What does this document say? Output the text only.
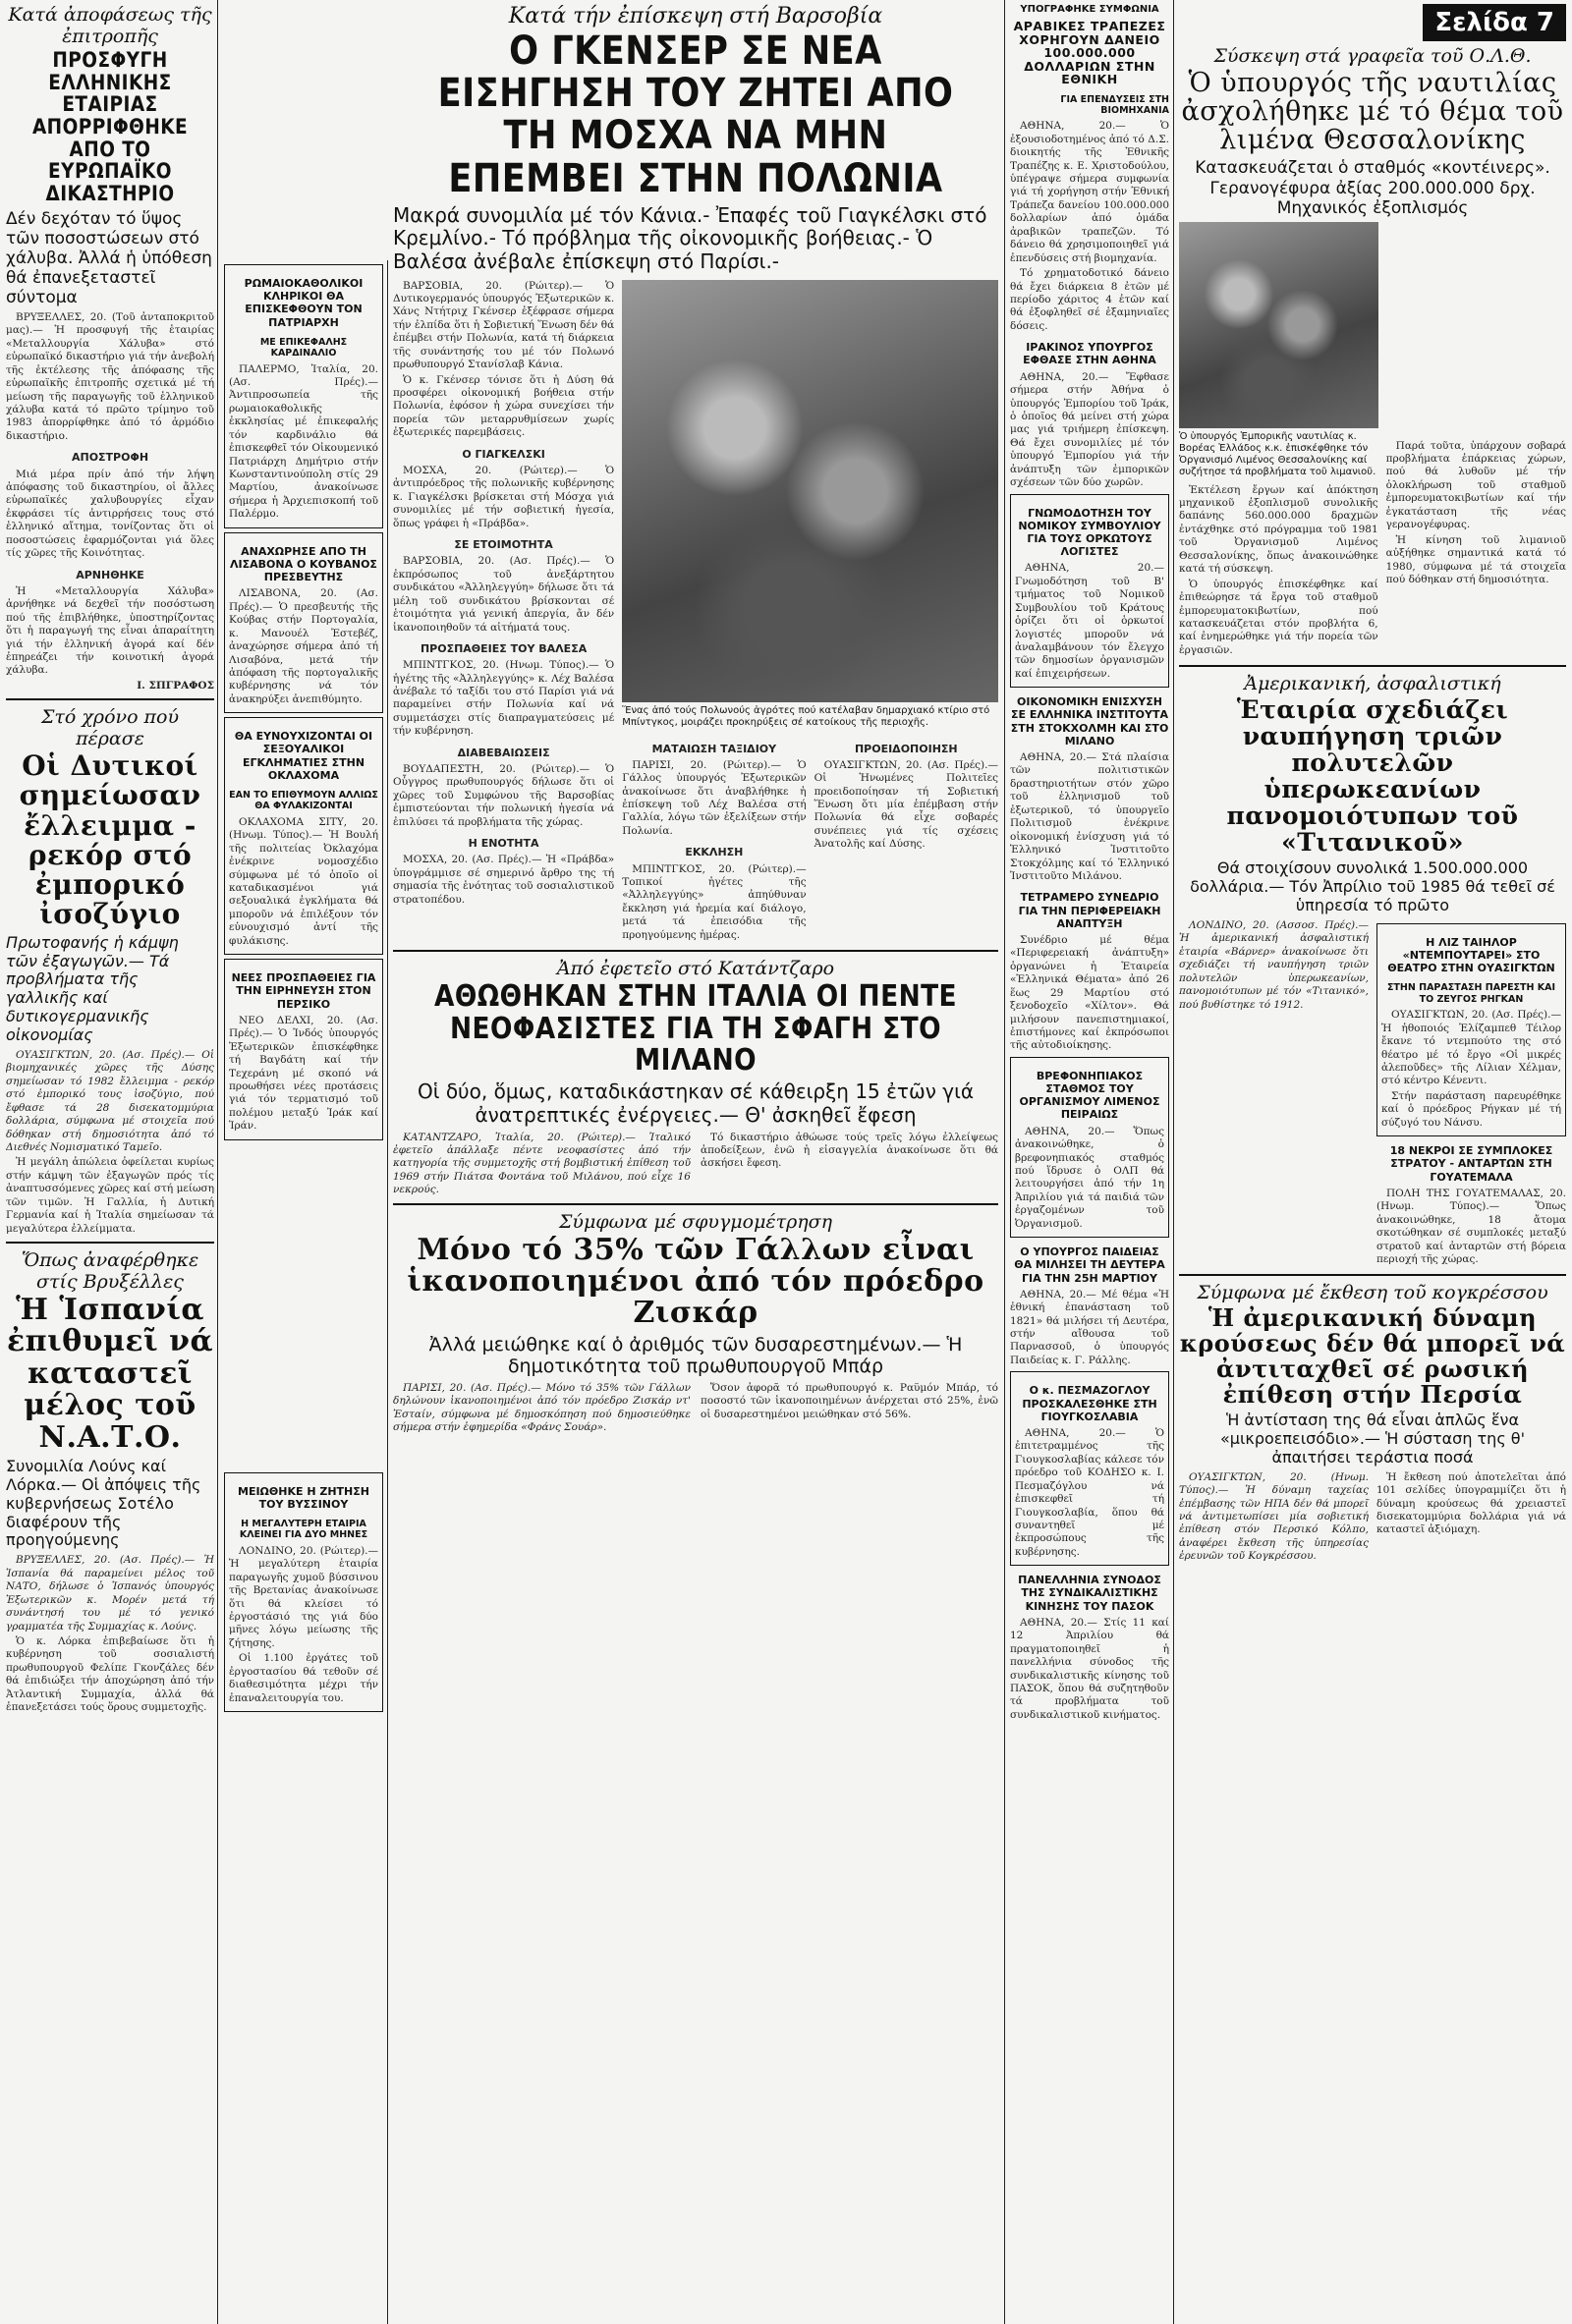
Κατά ἀποφάσεως τῆς ἐπιτροπῆς
ΠΡΟΣΦΥΓΗ ΕΛΛΗΝΙΚΗΣ ΕΤΑΙΡΙΑΣ ΑΠΟΡΡΙΦΘΗΚΕ ΑΠΟ ΤΟ ΕΥΡΩΠΑΪΚΟ ΔΙΚΑΣΤΗΡΙΟ
Δέν δεχόταν τό ὕψος τῶν ποσοστώσεων στό χάλυβα. Ἀλλά ἡ ὑπόθεση θά ἐπανεξεταστεῖ σύντομα

ΒΡΥΞΕΛΛΕΣ, 20. (Τοῦ ἀνταποκριτοῦ μας).— Ἡ προσφυγή τῆς ἑταιρίας «Μεταλλουργία Χάλυβα» στό εὐρωπαϊκό δικαστήριο γιά τήν ἀνεβολή τῆς ἐκτέλεσης τῆς ἀπόφασης τῆς εὐρωπαϊκῆς ἐπιτροπῆς σχετικά μέ τή μείωση τῆς παραγωγῆς τοῦ ἑλληνικοῦ χάλυβα κατά τό πρῶτο τρίμηνο τοῦ 1983 ἀπορρίφθηκε ἀπό τό ἀρμόδιο δικαστήριο.

ΑΠΟΣΤΡΟΦΗ

Μιά μέρα πρίν ἀπό τήν λήψη ἀπόφασης τοῦ δικαστηρίου, οἱ ἄλλες εὐρωπαϊκές χαλυβουργίες εἶχαν ἐκφράσει τίς ἀντιρρήσεις τους στό ἑλληνικό αἴτημα, τονίζοντας ὅτι οἱ ποσοστώσεις ἐφαρμόζονται γιά ὅλες τίς χῶρες τῆς Κοινότητας.

ΑΡΝΗΘΗΚΕ

Ἡ «Μεταλλουργία Χάλυβα» ἀρνήθηκε νά δεχθεῖ τήν ποσόστωση πού τῆς ἐπιβλήθηκε, ὑποστηρίζοντας ὅτι ἡ παραγωγή της εἶναι ἀπαραίτητη γιά τήν ἑλληνική ἀγορά καί δέν ἐπηρεάζει τήν κοινοτική ἀγορά χάλυβα.

Ι. ΣΠΓΡΑΦΟΣ
Στό χρόνο πού πέρασε
Οἱ Δυτικοί σημείωσαν ἔλλειμμα - ρεκόρ στό ἐμπορικό ἰσοζύγιο
Πρωτοφανής ἡ κάμψη τῶν ἐξαγωγῶν.— Τά προβλήματα τῆς γαλλικῆς καί δυτικογερμανικῆς οἰκονομίας

ΟΥΑΣΙΓΚΤΩΝ, 20. (Ασ. Πρές).— Οἱ βιομηχανικές χῶρες τῆς Δύσης σημείωσαν τό 1982 ἔλλειμμα - ρεκόρ στό ἐμπορικό τους ἰσοζύγιο, πού ἔφθασε τά 28 δισεκατομμύρια δολλάρια, σύμφωνα μέ στοιχεῖα πού δόθηκαν στή δημοσιότητα ἀπό τό Διεθνές Νομισματικό Ταμεῖο.

Ἡ μεγάλη ἀπώλεια ὀφείλεται κυρίως στήν κάμψη τῶν ἐξαγωγῶν πρός τίς ἀναπτυσσόμενες χῶρες καί στή μείωση τῶν τιμῶν. Ἡ Γαλλία, ἡ Δυτική Γερμανία καί ἡ Ἰταλία σημείωσαν τά μεγαλύτερα ἐλλείμματα.

Ὅπως ἀναφέρθηκε στίς Βρυξέλλες
Ἡ Ἱσπανία ἐπιθυμεῖ νά καταστεῖ μέλος τοῦ Ν.Α.Τ.Ο.
Συνομιλία Λούνς καί Λόρκα.— Οἱ ἀπόψεις τῆς κυβερνήσεως Σοτέλο διαφέρουν τῆς προηγούμενης

ΒΡΥΞΕΛΛΕΣ, 20. (Ασ. Πρές).— Ἡ Ἱσπανία θά παραμείνει μέλος τοῦ ΝΑΤΟ, δήλωσε ὁ Ἱσπανός ὑπουργός Ἐξωτερικῶν κ. Μορέν μετά τή συνάντησή του μέ τό γενικό γραμματέα τῆς Συμμαχίας κ. Λούνς.

Ὁ κ. Λόρκα ἐπιβεβαίωσε ὅτι ἡ κυβέρνηση τοῦ σοσιαλιστή πρωθυπουργοῦ Φελίπε Γκονζάλες δέν θά ἐπιδιώξει τήν ἀποχώρηση ἀπό τήν Ἀτλαντική Συμμαχία, ἀλλά θά ἐπανεξετάσει τούς ὅρους συμμετοχῆς.

ΡΩΜΑΙΟΚΑΘΟΛΙΚΟΙ ΚΛΗΡΙΚΟΙ ΘΑ ΕΠΙΣΚΕΦΘΟΥΝ ΤΟΝ ΠΑΤΡΙΑΡΧΗ
ΜΕ ΕΠΙΚΕΦΑΛΗΣ ΚΑΡΔΙΝΑΛΙΟ

ΠΑΛΕΡΜΟ, Ἰταλία, 20. (Ασ. Πρές).— Ἀντιπροσωπεία τῆς ρωμαιοκαθολικῆς ἐκκλησίας μέ ἐπικεφαλής τόν καρδινάλιο θά ἐπισκεφθεῖ τόν Οἰκουμενικό Πατριάρχη Δημήτριο στήν Κωνσταντινούπολη στίς 29 Μαρτίου, ἀνακοίνωσε σήμερα ἡ Ἀρχιεπισκοπή τοῦ Παλέρμο.

ΑΝΑΧΩΡΗΣΕ ΑΠΟ ΤΗ ΛΙΣΑΒΟΝΑ Ο ΚΟΥΒΑΝΟΣ ΠΡΕΣΒΕΥΤΗΣ

ΛΙΣΑΒΟΝΑ, 20. (Ασ. Πρές).— Ὁ πρεσβευτής τῆς Κούβας στήν Πορτογαλία, κ. Μανουέλ Ἐστεβέζ, ἀναχώρησε σήμερα ἀπό τή Λισαβόνα, μετά τήν ἀπόφαση τῆς πορτογαλικῆς κυβέρνησης νά τόν ἀνακηρύξει ἀνεπιθύμητο.

ΘΑ ΕΥΝΟΥΧΙΖΟΝΤΑΙ ΟΙ ΣΕΞΟΥΑΛΙΚΟΙ ΕΓΚΛΗΜΑΤΙΕΣ ΣΤΗΝ ΟΚΛΑΧΟΜΑ
ΕΑΝ ΤΟ ΕΠΙΘΥΜΟΥΝ ΑΛΛΙΩΣ ΘΑ ΦΥΛΑΚΙΖΟΝΤΑΙ

ΟΚΛΑΧΟΜΑ ΣΙΤΥ, 20. (Ηνωμ. Τύπος).— Ἡ Βουλή τῆς πολιτείας Ὀκλαχόμα ἐνέκρινε νομοσχέδιο σύμφωνα μέ τό ὁποῖο οἱ καταδικασμένοι γιά σεξουαλικά ἐγκλήματα θά μποροῦν νά ἐπιλέξουν τόν εὐνουχισμό ἀντί τῆς φυλάκισης.

ΝΕΕΣ ΠΡΟΣΠΑΘΕΙΕΣ ΓΙΑ ΤΗΝ ΕΙΡΗΝΕΥΣΗ ΣΤΟΝ ΠΕΡΣΙΚΟ

ΝΕΟ ΔΕΛΧΙ, 20. (Ασ. Πρές).— Ὁ Ἰνδός ὑπουργός Ἐξωτερικῶν ἐπισκέφθηκε τή Βαγδάτη καί τήν Τεχεράνη μέ σκοπό νά προωθήσει νέες προτάσεις γιά τόν τερματισμό τοῦ πολέμου μεταξύ Ἰράκ καί Ἰράν.

ΜΕΙΩΘΗΚΕ Η ΖΗΤΗΣΗ ΤΟΥ ΒΥΣΣΙΝΟΥ
Η ΜΕΓΑΛΥΤΕΡΗ ΕΤΑΙΡΙΑ ΚΛΕΙΝΕΙ ΓΙΑ ΔΥΟ ΜΗΝΕΣ

ΛΟΝΔΙΝΟ, 20. (Ρώιτερ).— Ἡ μεγαλύτερη ἑταιρία παραγωγῆς χυμοῦ βύσσινου τῆς Βρετανίας ἀνακοίνωσε ὅτι θά κλείσει τό ἐργοστάσιό της γιά δύο μῆνες λόγω μείωσης τῆς ζήτησης.

Οἱ 1.100 ἐργάτες τοῦ ἐργοστασίου θά τεθοῦν σέ διαθεσιμότητα μέχρι τήν ἐπαναλειτουργία του.

Κατά τήν ἐπίσκεψη στή Βαρσοβία
Ο ΓΚΕΝΣΕΡ ΣΕ ΝΕΑ ΕΙΣΗΓΗΣΗ ΤΟΥ ΖΗΤΕΙ ΑΠΟ ΤΗ ΜΟΣΧΑ ΝΑ ΜΗΝ ΕΠΕΜΒΕΙ ΣΤΗΝ ΠΟΛΩΝΙΑ
Μακρά συνομιλία μέ τόν Κάνια.- Ἐπαφές τοῦ Γιαγκέλσκι στό Κρεμλίνο.- Τό πρόβλημα τῆς οἰκονομικῆς βοήθειας.- Ὁ Βαλέσα ἀνέβαλε ἐπίσκεψη στό Παρίσι.-

ΒΑΡΣΟΒΙΑ, 20. (Ρώιτερ).— Ὁ Δυτικογερμανός ὑπουργός Ἐξωτερικῶν κ. Χάνς Ντήτριχ Γκένσερ ἐξέφρασε σήμερα τήν ἐλπίδα ὅτι ἡ Σοβιετική Ἕνωση δέν θά ἐπέμβει στήν Πολωνία, κατά τή διάρκεια τῆς συνάντησής του μέ τόν Πολωνό πρωθυπουργό Στανίσλαβ Κάνια.

Ὁ κ. Γκένσερ τόνισε ὅτι ἡ Δύση θά προσφέρει οἰκονομική βοήθεια στήν Πολωνία, ἐφόσον ἡ χώρα συνεχίσει τήν πορεία τῶν μεταρρυθμίσεων χωρίς ἐξωτερικές παρεμβάσεις.

Ο ΓΙΑΓΚΕΛΣΚΙ

ΜΟΣΧΑ, 20. (Ρώιτερ).— Ὁ ἀντιπρόεδρος τῆς πολωνικῆς κυβέρνησης κ. Γιαγκέλσκι βρίσκεται στή Μόσχα γιά συνομιλίες μέ τήν σοβιετική ἡγεσία, ὅπως γράφει ἡ «Πράβδα».

ΣΕ ΕΤΟΙΜΟΤΗΤΑ

ΒΑΡΣΟΒΙΑ, 20. (Ασ. Πρές).— Ὁ ἐκπρόσωπος τοῦ ἀνεξάρτητου συνδικάτου «Ἀλληλεγγύη» δήλωσε ὅτι τά μέλη τοῦ συνδικάτου βρίσκονται σέ ἑτοιμότητα γιά γενική ἀπεργία, ἄν δέν ἱκανοποιηθοῦν τά αἰτήματά τους.

ΠΡΟΣΠΑΘΕΙΕΣ ΤΟΥ ΒΑΛΕΣΑ

ΜΠΙΝΤΓΚΟΣ, 20. (Ηνωμ. Τύπος).— Ὁ ἡγέτης τῆς «Ἀλληλεγγύης» κ. Λέχ Βαλέσα ἀνέβαλε τό ταξίδι του στό Παρίσι γιά νά παραμείνει στήν Πολωνία καί νά συμμετάσχει στίς διαπραγματεύσεις μέ τήν κυβέρνηση.

ΔΙΑΒΕΒΑΙΩΣΕΙΣ

ΒΟΥΔΑΠΕΣΤΗ, 20. (Ρώιτερ).— Ὁ Οὗγγρος πρωθυπουργός δήλωσε ὅτι οἱ χῶρες τοῦ Συμφώνου τῆς Βαρσοβίας ἐμπιστεύονται τήν πολωνική ἡγεσία νά ἐπιλύσει τά προβλήματα τῆς χώρας.

Η ΕΝΟΤΗΤΑ

ΜΟΣΧΑ, 20. (Ασ. Πρές).— Ἡ «Πράβδα» ὑπογράμμισε σέ σημερινό ἄρθρο της τή σημασία τῆς ἑνότητας τοῦ σοσιαλιστικοῦ στρατοπέδου.

Ἕνας ἀπό τούς Πολωνούς ἀγρότες πού κατέλαβαν δημαρχιακό κτίριο στό Μπίντγκος, μοιράζει προκηρύξεις σέ κατοίκους τῆς περιοχῆς.
ΜΑΤΑΙΩΣΗ ΤΑΞΙΔΙΟΥ

ΠΑΡΙΣΙ, 20. (Ρώιτερ).— Ὁ Γάλλος ὑπουργός Ἐξωτερικῶν ἀνακοίνωσε ὅτι ἀναβλήθηκε ἡ ἐπίσκεψη τοῦ Λέχ Βαλέσα στή Γαλλία, λόγω τῶν ἐξελίξεων στήν Πολωνία.

ΕΚΚΛΗΣΗ

ΜΠΙΝΤΓΚΟΣ, 20. (Ρώιτερ).— Τοπικοί ἡγέτες τῆς «Ἀλληλεγγύης» ἀπηύθυναν ἔκκληση γιά ἠρεμία καί διάλογο, μετά τά ἐπεισόδια τῆς προηγούμενης ἡμέρας.

ΠΡΟΕΙΔΟΠΟΙΗΣΗ

ΟΥΑΣΙΓΚΤΩΝ, 20. (Ασ. Πρές).— Οἱ Ἡνωμένες Πολιτεῖες προειδοποίησαν τή Σοβιετική Ἕνωση ὅτι μία ἐπέμβαση στήν Πολωνία θά εἶχε σοβαρές συνέπειες γιά τίς σχέσεις Ἀνατολῆς καί Δύσης.

Ἀπό ἐφετεῖο στό Κατάντζαρο
ΑΘΩΘΗΚΑΝ ΣΤΗΝ ΙΤΑΛΙΑ ΟΙ ΠΕΝΤΕ ΝΕΟΦΑΣΙΣΤΕΣ ΓΙΑ ΤΗ ΣΦΑΓΗ ΣΤΟ ΜΙΛΑΝΟ
Οἱ δύο, ὅμως, καταδικάστηκαν σέ κάθειρξη 15 ἐτῶν γιά ἀνατρεπτικές ἐνέργειες.— Θ' ἀσκηθεῖ ἔφεση

ΚΑΤΑΝΤΖΑΡΟ, Ἰταλία, 20. (Ρώιτερ).— Ἰταλικό ἐφετεῖο ἀπάλλαξε πέντε νεοφασίστες ἀπό τήν κατηγορία τῆς συμμετοχῆς στή βομβιστική ἐπίθεση τοῦ 1969 στήν Πιάτσα Φοντάνα τοῦ Μιλάνου, πού εἶχε 16 νεκρούς.

Τό δικαστήριο ἀθώωσε τούς τρεῖς λόγω ἐλλείψεως ἀποδείξεων, ἐνῶ ἡ εἰσαγγελία ἀνακοίνωσε ὅτι θά ἀσκήσει ἔφεση.

Σύμφωνα μέ σφυγμομέτρηση
Μόνο τό 35% τῶν Γάλλων εἶναι ἱκανοποιημένοι ἀπό τόν πρόεδρο Ζισκάρ
Ἀλλά μειώθηκε καί ὁ ἀριθμός τῶν δυσαρεστημένων.— Ἡ δημοτικότητα τοῦ πρωθυπουργοῦ Μπάρ

ΠΑΡΙΣΙ, 20. (Ασ. Πρές).— Μόνο τό 35% τῶν Γάλλων δηλώνουν ἱκανοποιημένοι ἀπό τόν πρόεδρο Ζισκάρ ντ' Ἐσταίν, σύμφωνα μέ δημοσκόπηση πού δημοσιεύθηκε σήμερα στήν ἐφημερίδα «Φράνς Σουάρ».

Ὅσον ἀφορᾶ τό πρωθυπουργό κ. Ραϋμόν Μπάρ, τό ποσοστό τῶν ἱκανοποιημένων ἀνέρχεται στό 25%, ἐνῶ οἱ δυσαρεστημένοι μειώθηκαν στό 56%.

ΥΠΟΓΡΑΦΗΚΕ ΣΥΜΦΩΝΙΑ
ΑΡΑΒΙΚΕΣ ΤΡΑΠΕΖΕΣ ΧΟΡΗΓΟΥΝ ΔΑΝΕΙΟ 100.000.000 ΔΟΛΛΑΡΙΩΝ ΣΤΗΝ ΕΘΝΙΚΗ
ΓΙΑ ΕΠΕΝΔΥΣΕΙΣ ΣΤΗ ΒΙΟΜΗΧΑΝΙΑ

ΑΘΗΝΑ, 20.— Ὁ ἐξουσιοδοτημένος ἀπό τό Δ.Σ. διοικητής τῆς Ἐθνικῆς Τραπέζης κ. Ε. Χριστοδούλου, ὑπέγραψε σήμερα συμφωνία γιά τή χορήγηση στήν Ἐθνική Τράπεζα δανείου 100.000.000 δολλαρίων ἀπό ὁμάδα ἀραβικῶν τραπεζῶν. Τό δάνειο θά χρησιμοποιηθεῖ γιά ἐπενδύσεις στή βιομηχανία.

Τό χρηματοδοτικό δάνειο θά ἔχει διάρκεια 8 ἐτῶν μέ περίοδο χάριτος 4 ἐτῶν καί θά ἐξοφληθεῖ σέ ἑξαμηνιαῖες δόσεις.

ΙΡΑΚΙΝΟΣ ΥΠΟΥΡΓΟΣ ΕΦΘΑΣΕ ΣΤΗΝ ΑΘΗΝΑ

ΑΘΗΝΑ, 20.— Ἔφθασε σήμερα στήν Ἀθήνα ὁ ὑπουργός Ἐμπορίου τοῦ Ἰράκ, ὁ ὁποῖος θά μείνει στή χώρα μας γιά τριήμερη ἐπίσκεψη. Θά ἔχει συνομιλίες μέ τόν ὑπουργό Ἐμπορίου γιά τήν ἀνάπτυξη τῶν ἐμπορικῶν σχέσεων τῶν δύο χωρῶν.

ΓΝΩΜΟΔΟΤΗΣΗ ΤΟΥ ΝΟΜΙΚΟΥ ΣΥΜΒΟΥΛΙΟΥ ΓΙΑ ΤΟΥΣ ΟΡΚΩΤΟΥΣ ΛΟΓΙΣΤΕΣ

ΑΘΗΝΑ, 20.— Γνωμοδότηση τοῦ Β' τμήματος τοῦ Νομικοῦ Συμβουλίου τοῦ Κράτους ὁρίζει ὅτι οἱ ὁρκωτοί λογιστές μποροῦν νά ἀναλαμβάνουν τόν ἔλεγχο τῶν δημοσίων ὀργανισμῶν καί ἐπιχειρήσεων.

ΟΙΚΟΝΟΜΙΚΗ ΕΝΙΣΧΥΣΗ ΣΕ ΕΛΛΗΝΙΚΑ ΙΝΣΤΙΤΟΥΤΑ ΣΤΗ ΣΤΟΚΧΟΛΜΗ ΚΑΙ ΣΤΟ ΜΙΛΑΝΟ

ΑΘΗΝΑ, 20.— Στά πλαίσια τῶν πολιτιστικῶν δραστηριοτήτων στόν χῶρο τοῦ ἑλληνισμοῦ τοῦ ἐξωτερικοῦ, τό ὑπουργεῖο Πολιτισμοῦ ἐνέκρινε οἰκονομική ἐνίσχυση γιά τό Ἑλληνικό Ἰνστιτοῦτο Στοκχόλμης καί τό Ἑλληνικό Ἰνστιτοῦτο Μιλάνου.

ΤΕΤΡΑΜΕΡΟ ΣΥΝΕΔΡΙΟ ΓΙΑ ΤΗΝ ΠΕΡΙΦΕΡΕΙΑΚΗ ΑΝΑΠΤΥΞΗ

Συνέδριο μέ θέμα «Περιφερειακή ἀνάπτυξη» ὀργανώνει ἡ Ἑταιρεία «Ἑλληνικά Θέματα» ἀπό 26 ἕως 29 Μαρτίου στό ξενοδοχεῖο «Χίλτον». Θά μιλήσουν πανεπιστημιακοί, ἐπιστήμονες καί ἐκπρόσωποι τῆς αὐτοδιοίκησης.

ΒΡΕΦΟΝΗΠΙΑΚΟΣ ΣΤΑΘΜΟΣ ΤΟΥ ΟΡΓΑΝΙΣΜΟΥ ΛΙΜΕΝΟΣ ΠΕΙΡΑΙΩΣ

ΑΘΗΝΑ, 20.— Ὅπως ἀνακοινώθηκε, ὁ βρεφονηπιακός σταθμός πού ἵδρυσε ὁ ΟΛΠ θά λειτουργήσει ἀπό τήν 1η Ἀπριλίου γιά τά παιδιά τῶν ἐργαζομένων τοῦ Ὀργανισμοῦ.

Ο ΥΠΟΥΡΓΟΣ ΠΑΙΔΕΙΑΣ ΘΑ ΜΙΛΗΣΕΙ ΤΗ ΔΕΥΤΕΡΑ ΓΙΑ ΤΗΝ 25Η ΜΑΡΤΙΟΥ

ΑΘΗΝΑ, 20.— Μέ θέμα «Ἡ ἐθνική ἐπανάσταση τοῦ 1821» θά μιλήσει τή Δευτέρα, στήν αἴθουσα τοῦ Παρνασσοῦ, ὁ ὑπουργός Παιδείας κ. Γ. Ράλλης.

Ο κ. ΠΕΣΜΑΖΟΓΛΟΥ ΠΡΟΣΚΑΛΕΣΘΗΚΕ ΣΤΗ ΓΙΟΥΓΚΟΣΛΑΒΙΑ

ΑΘΗΝΑ, 20.— Ὁ ἐπιτετραμμένος τῆς Γιουγκοσλαβίας κάλεσε τόν πρόεδρο τοῦ ΚΟΔΗΣΟ κ. Ι. Πεσμαζόγλου νά ἐπισκεφθεῖ τή Γιουγκοσλαβία, ὅπου θά συναντηθεῖ μέ ἐκπροσώπους τῆς κυβέρνησης.

ΠΑΝΕΛΛΗΝΙΑ ΣΥΝΟΔΟΣ ΤΗΣ ΣΥΝΔΙΚΑΛΙΣΤΙΚΗΣ ΚΙΝΗΣΗΣ ΤΟΥ ΠΑΣΟΚ

ΑΘΗΝΑ, 20.— Στίς 11 καί 12 Ἀπριλίου θά πραγματοποιηθεῖ ἡ πανελλήνια σύνοδος τῆς συνδικαλιστικῆς κίνησης τοῦ ΠΑΣΟΚ, ὅπου θά συζητηθοῦν τά προβλήματα τοῦ συνδικαλιστικοῦ κινήματος.

Σελίδα 7
Σύσκεψη στά γραφεῖα τοῦ Ο.Λ.Θ.
Ὁ ὑπουργός τῆς ναυτιλίας ἀσχολήθηκε μέ τό θέμα τοῦ λιμένα Θεσσαλονίκης
Κατασκευάζεται ὁ σταθμός «κοντέινερς». Γερανογέφυρα ἀξίας 200.000.000 δρχ. Μηχανικός ἐξοπλισμός
Ὁ ὑπουργός Ἐμπορικῆς ναυτιλίας κ. Βορέας Ἑλλάδος κ.κ. ἐπισκέφθηκε τόν Ὀργανισμό Λιμένος Θεσσαλονίκης καί συζήτησε τά προβλήματα τοῦ λιμανιοῦ.

Ἐκτέλεση ἔργων καί ἀπόκτηση μηχανικοῦ ἐξοπλισμοῦ συνολικῆς δαπάνης 560.000.000 δραχμῶν ἐντάχθηκε στό πρόγραμμα τοῦ 1981 τοῦ Ὀργανισμοῦ Λιμένος Θεσσαλονίκης, ὅπως ἀνακοινώθηκε κατά τή σύσκεψη.

Ὁ ὑπουργός ἐπισκέφθηκε καί ἐπιθεώρησε τά ἔργα τοῦ σταθμοῦ ἐμπορευματοκιβωτίων, πού κατασκευάζεται στόν προβλήτα 6, καί ἐνημερώθηκε γιά τήν πορεία τῶν ἐργασιῶν.

Παρά τοῦτα, ὑπάρχουν σοβαρά προβλήματα ἐπάρκειας χώρων, πού θά λυθοῦν μέ τήν ὁλοκλήρωση τοῦ σταθμοῦ ἐμπορευματοκιβωτίων καί τήν ἐγκατάσταση τῆς νέας γερανογέφυρας.

Ἡ κίνηση τοῦ λιμανιοῦ αὐξήθηκε σημαντικά κατά τό 1980, σύμφωνα μέ τά στοιχεῖα πού δόθηκαν στή δημοσιότητα.

Ἀμερικανική, ἀσφαλιστική
Ἑταιρία σχεδιάζει ναυπήγηση τριῶν πολυτελῶν ὑπερωκεανίων πανομοιότυπων τοῦ «Τιτανικοῦ»
Θά στοιχίσουν συνολικά 1.500.000.000 δολλάρια.— Τόν Ἀπρίλιο τοῦ 1985 θά τεθεῖ σέ ὑπηρεσία τό πρῶτο

ΛΟΝΔΙΝΟ, 20. (Ασσοσ. Πρές).— Ἡ ἀμερικανική ἀσφαλιστική ἑταιρία «Βάρνερ» ἀνακοίνωσε ὅτι σχεδιάζει τή ναυπήγηση τριῶν πολυτελῶν ὑπερωκεανίων, πανομοιότυπων μέ τόν «Τιτανικό», πού βυθίστηκε τό 1912.

Η ΛΙΖ ΤΑΙΗΛΟΡ «ΝΤΕΜΠΟΥΤΑΡΕΙ» ΣΤΟ ΘΕΑΤΡΟ ΣΤΗΝ ΟΥΑΣΙΓΚΤΩΝ
ΣΤΗΝ ΠΑΡΑΣΤΑΣΗ ΠΑΡΕΣΤΗ ΚΑΙ ΤΟ ΖΕΥΓΟΣ ΡΗΓΚΑΝ

ΟΥΑΣΙΓΚΤΩΝ, 20. (Ασ. Πρές).— Ἡ ἠθοποιός Ἐλίζαμπεθ Τέιλορ ἔκανε τό ντεμπούτο της στό θέατρο μέ τό ἔργο «Οἱ μικρές ἀλεποῦδες» τῆς Λίλιαν Χέλμαν, στό κέντρο Κένεντι.

Στήν παράσταση παρευρέθηκε καί ὁ πρόεδρος Ρήγκαν μέ τή σύζυγό του Νάνσυ.

18 ΝΕΚΡΟΙ ΣΕ ΣΥΜΠΛΟΚΕΣ ΣΤΡΑΤΟΥ - ΑΝΤΑΡΤΩΝ ΣΤΗ ΓΟΥΑΤΕΜΑΛΑ

ΠΟΛΗ ΤΗΣ ΓΟΥΑΤΕΜΑΛΑΣ, 20. (Ηνωμ. Τύπος).— Ὅπως ἀνακοινώθηκε, 18 ἄτομα σκοτώθηκαν σέ συμπλοκές μεταξύ στρατοῦ καί ἀνταρτῶν στή βόρεια περιοχή τῆς χώρας.

Σύμφωνα μέ ἔκθεση τοῦ κογκρέσσου
Ἡ ἀμερικανική δύναμη κρούσεως δέν θά μπορεῖ νά ἀντιταχθεῖ σέ ρωσική ἐπίθεση στήν Περσία
Ἡ ἀντίσταση της θά εἶναι ἁπλῶς ἕνα «μικροεπεισόδιο».— Ἡ σύσταση της θ' ἀπαιτήσει τεράστια ποσά

ΟΥΑΣΙΓΚΤΩΝ, 20. (Ηνωμ. Τύπος).— Ἡ δύναμη ταχείας ἐπέμβασης τῶν ΗΠΑ δέν θά μπορεῖ νά ἀντιμετωπίσει μία σοβιετική ἐπίθεση στόν Περσικό Κόλπο, ἀναφέρει ἔκθεση τῆς ὑπηρεσίας ἐρευνῶν τοῦ Κογκρέσσου.

Ἡ ἔκθεση πού ἀποτελεῖται ἀπό 101 σελίδες ὑπογραμμίζει ὅτι ἡ δύναμη κρούσεως θά χρειαστεῖ δισεκατομμύρια δολλάρια γιά νά καταστεῖ ἀξιόμαχη.
